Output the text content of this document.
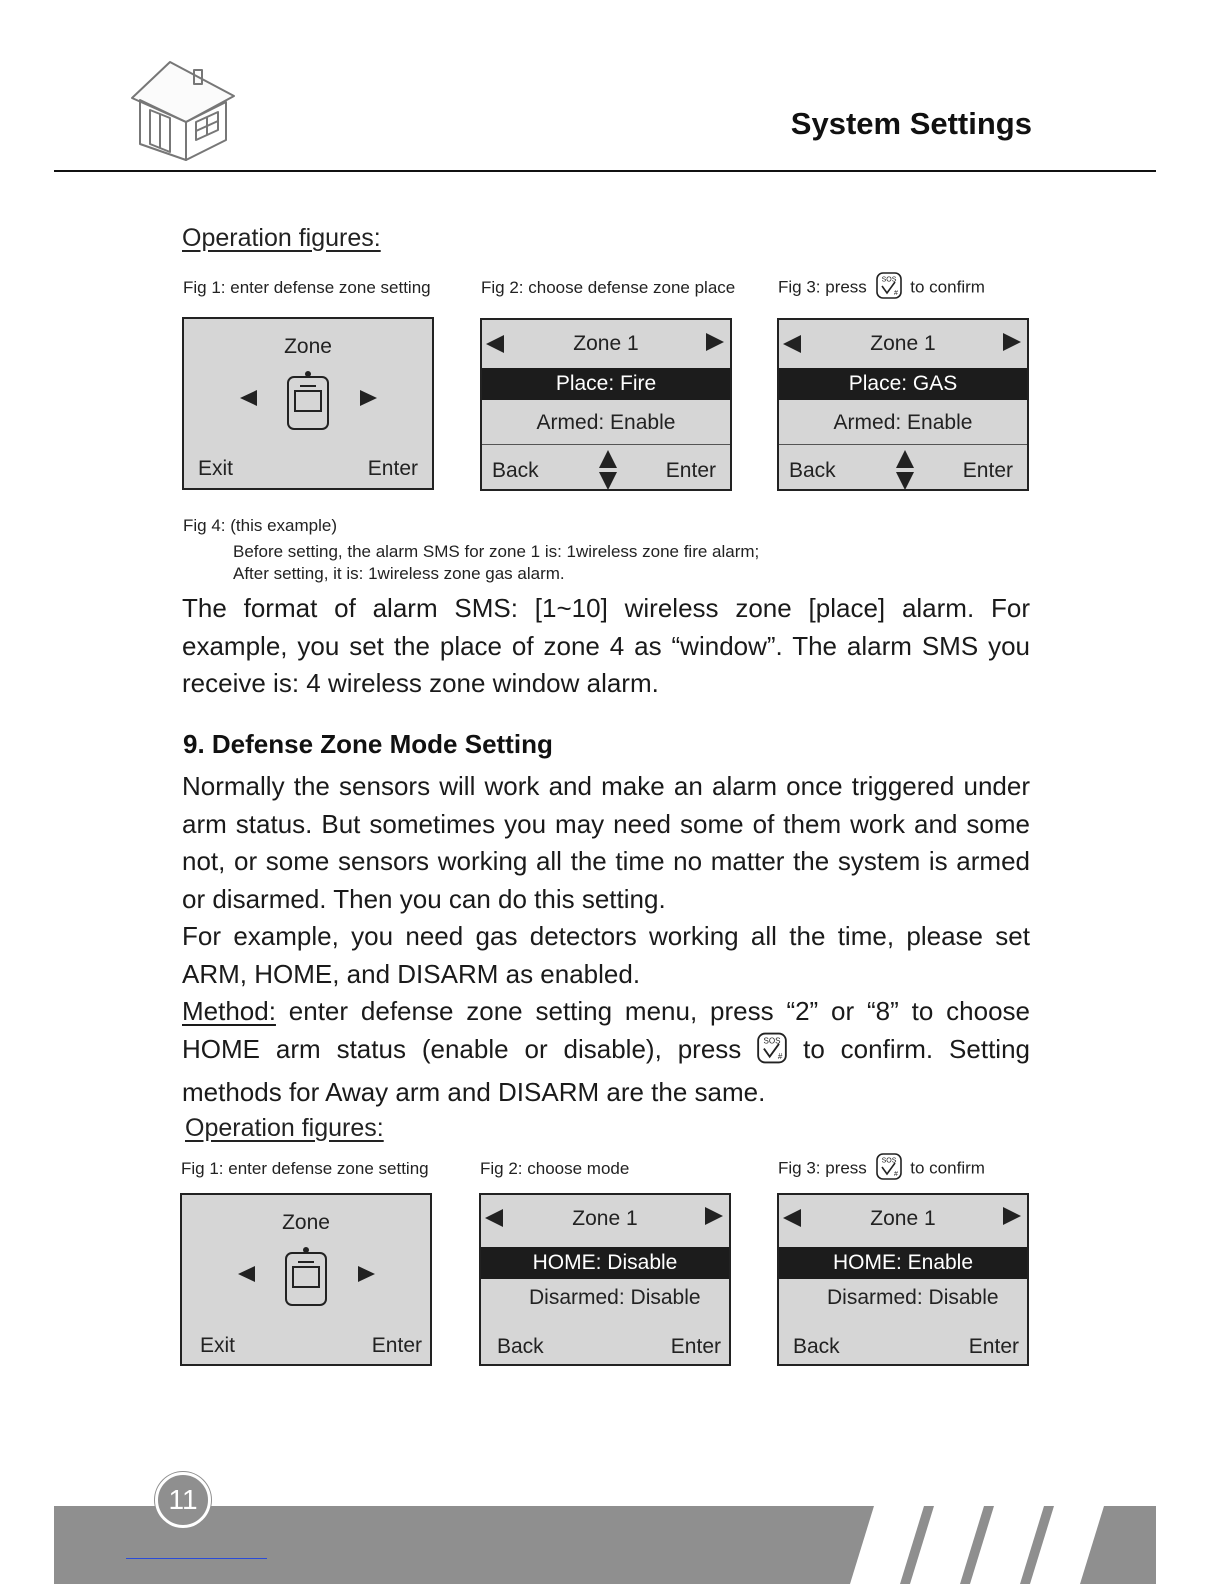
System Settings
Operation figures:
Fig 1: enter defense zone setting	Fig 2: choose defense zone place	Fig 3: press SOS
# to confirm
Zone
Exit	Enter
Zone 1
Place: Fire
Armed: Enable
Back	Enter
Zone 1
Place: GAS
Armed: Enable
Back	Enter
Fig 4: (this example)
Before setting, the alarm SMS for zone 1 is: 1wireless zone fire alarm;
After setting, it is: 1wireless zone gas alarm.
The format of alarm SMS: [1~10] wireless zone [place] alarm. For example, you set the place of zone 4 as “window”. The alarm SMS you receive is: 4 wireless zone window alarm.
9. Defense Zone Mode Setting
Normally the sensors will work and make an alarm once triggered under arm status. But sometimes you may need some of them work and some not, or some sensors working all the time no matter the system is armed or disarmed. Then you can do this setting.
For example, you need gas detectors working all the time, please set ARM, HOME, and DISARM as enabled.
Method: enter defense zone setting menu, press “2” or “8” to choose HOME arm status (enable or disable), press SOS
# to confirm. Setting methods for Away arm and DISARM are the same.
Operation figures:
Fig 1: enter defense zone setting	Fig 2: choose mode	Fig 3: press SOS
# to confirm
Zone
Exit	Enter
Zone 1
HOME: Disable
Disarmed: Disable
Back	Enter
Zone 1
HOME: Enable
Disarmed: Disable
Back	Enter
11
